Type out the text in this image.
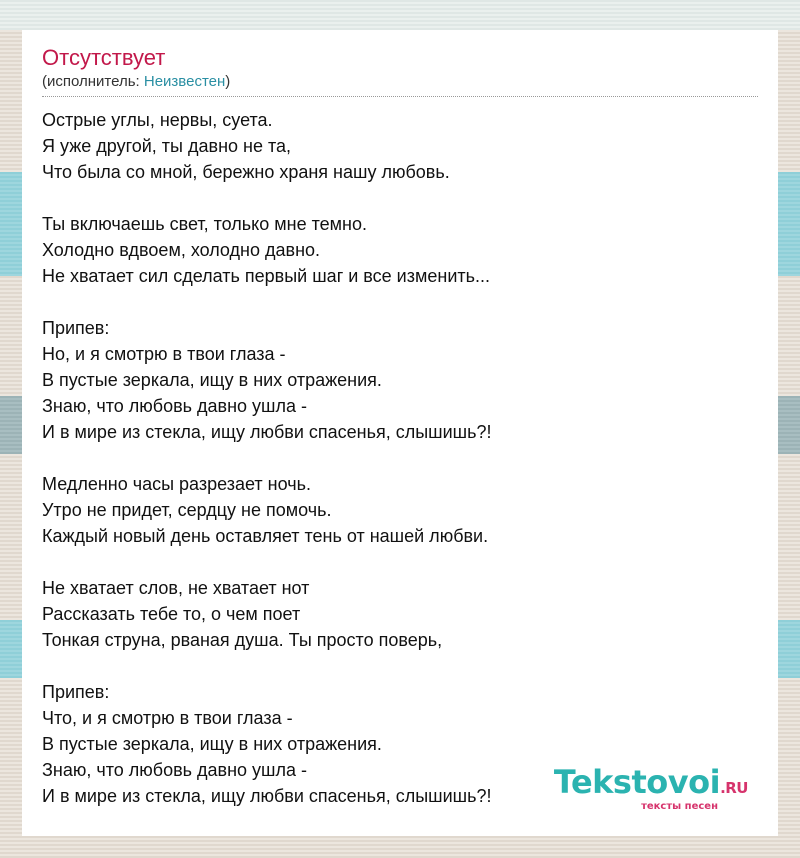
Отсутствует
(исполнитель: Неизвестен)
Острые углы, нервы, суета.
Я уже другой, ты давно не та,
Что была со мной, бережно храня нашу любовь.
Ты включаешь свет, только мне темно.
Холодно вдвоем, холодно давно.
Не хватает сил сделать первый шаг и все изменить...
Припев:
Но, и я смотрю в твои глаза -
В пустые зеркала, ищу в них отражения.
Знаю, что любовь давно ушла -
И в мире из стекла, ищу любви спасенья, слышишь?!
Медленно часы разрезает ночь.
Утро не придет, сердцу не помочь.
Каждый новый день оставляет тень от нашей любви.
Не хватает слов, не хватает нот
Рассказать тебе то, о чем поет
Тонкая струна, рваная душа. Ты просто поверь,
Припев:
Что, и я смотрю в твои глаза -
В пустые зеркала, ищу в них отражения.
Знаю, что любовь давно ушла -
И в мире из стекла, ищу любви спасенья, слышишь?!	Tekstovoi.RU
тексты песен
